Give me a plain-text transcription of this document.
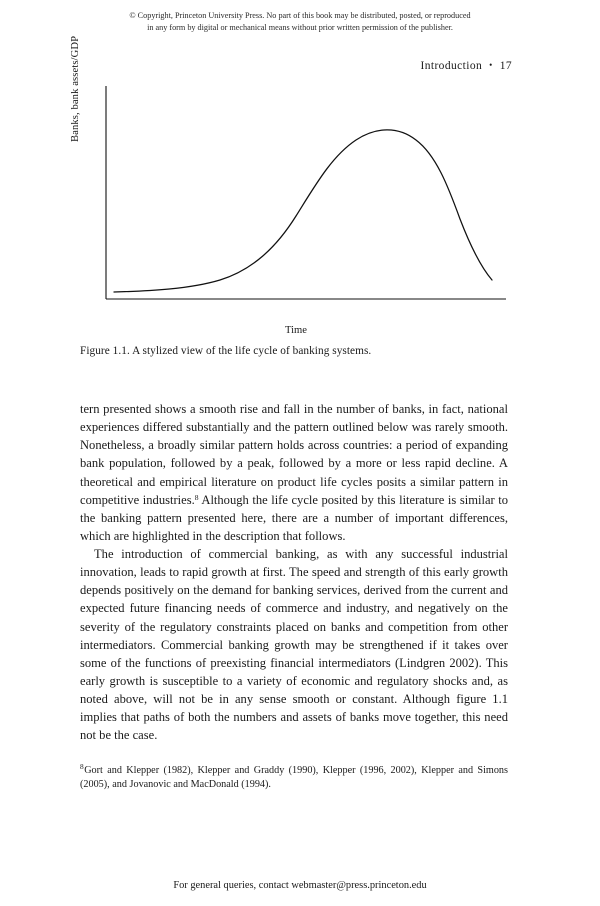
© Copyright, Princeton University Press. No part of this book may be distributed, posted, or reproduced in any form by digital or mechanical means without prior written permission of the publisher.
Introduction • 17
Banks, bank assets/GDP
Time
Figure 1.1. A stylized view of the life cycle of banking systems.

tern presented shows a smooth rise and fall in the number of banks, in fact, national experiences differed substantially and the pattern outlined below was rarely smooth. Nonetheless, a broadly similar pattern holds across countries: a period of expanding bank population, followed by a peak, followed by a more or less rapid decline. A theoretical and empirical literature on product life cycles posits a similar pattern in competitive industries.$^8$ Although the life cycle posited by this literature is similar to the banking pattern presented here, there are a number of important differences, which are highlighted in the description that follows.

The introduction of commercial banking, as with any successful industrial innovation, leads to rapid growth at first. The speed and strength of this early growth depends positively on the demand for banking services, derived from the current and expected future financing needs of commerce and industry, and negatively on the severity of the regulatory constraints placed on banks and competition from other intermediators. Commercial banking growth may be strengthened if it takes over some of the functions of preexisting financial intermediators (Lindgren 2002). This early growth is susceptible to a variety of economic and regulatory shocks and, as noted above, will not be in any sense smooth or constant. Although figure 1.1 implies that paths of both the numbers and assets of banks move together, this need not be the case.

$^8$Gort and Klepper (1982), Klepper and Graddy (1990), Klepper (1996, 2002), Klepper and Simons (2005), and Jovanovic and MacDonald (1994).
For general queries, contact webmaster@press.princeton.edu
